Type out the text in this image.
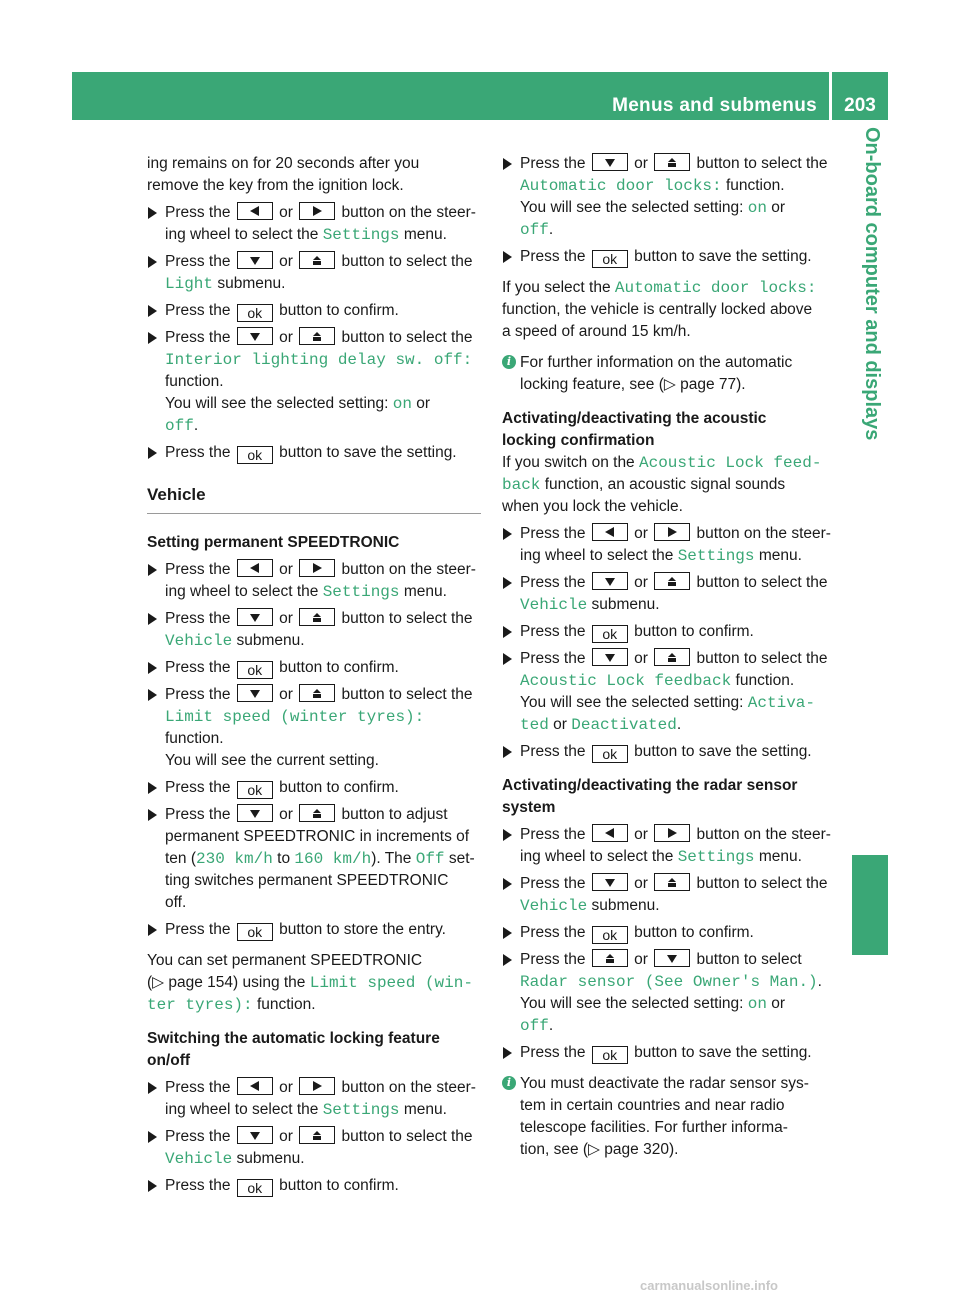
Menus and submenus	203
On-board computer and displays

ing remains on for 20 seconds after you
remove the key from the ignition lock.

Press the	or	button on the steer-
ing wheel to select the Settings menu.
Press the	or	button to select the
Light submenu.
Press the ok button to confirm.
Press the	or	button to select the
Interior lighting delay sw. off:
function.
You will see the selected setting: on or
off.
Press the ok button to save the setting.
Vehicle

Setting permanent SPEEDTRONIC

Press the	or	button on the steer-
ing wheel to select the Settings menu.
Press the	or	button to select the
Vehicle submenu.
Press the ok button to confirm.
Press the	or	button to select the
Limit speed (winter tyres): function.
You will see the current setting.
Press the ok button to confirm.
Press the	or	button to adjust
permanent SPEEDTRONIC in increments of
ten (230 km/h to 160 km/h). The Off set-
ting switches permanent SPEEDTRONIC
off.
Press the ok button to store the entry.

You can set permanent SPEEDTRONIC
(▷ page 154) using the Limit speed (win‐
ter tyres): function.

Switching the automatic locking feature
on/off

Press the	or	button on the steer-
ing wheel to select the Settings menu.
Press the	or	button to select the
Vehicle submenu.
Press the ok button to confirm.
Press the	or	button to select the
Automatic door locks: function.
You will see the selected setting: on or
off.
Press the ok button to save the setting.

If you select the Automatic door locks:
function, the vehicle is centrally locked above
a speed of around 15 km/h.

i For further information on the automatic
locking feature, see (▷ page 77).

Activating/deactivating the acoustic
locking confirmation

If you switch on the Acoustic Lock feed‐
back function, an acoustic signal sounds
when you lock the vehicle.

Press the	or	button on the steer-
ing wheel to select the Settings menu.
Press the	or	button to select the
Vehicle submenu.
Press the ok button to confirm.
Press the	or	button to select the
Acoustic Lock feedback function.
You will see the selected setting: Activa‐
ted or Deactivated.
Press the ok button to save the setting.

Activating/deactivating the radar sensor
system

Press the	or	button on the steer-
ing wheel to select the Settings menu.
Press the	or	button to select the
Vehicle submenu.
Press the ok button to confirm.
Press the	or	button to select
Radar sensor (See Owner's Man.).
You will see the selected setting: on or
off.
Press the ok button to save the setting.
i You must deactivate the radar sensor sys-
tem in certain countries and near radio
telescope facilities. For further informa-
tion, see (▷ page 320).
carmanualsonline.info
